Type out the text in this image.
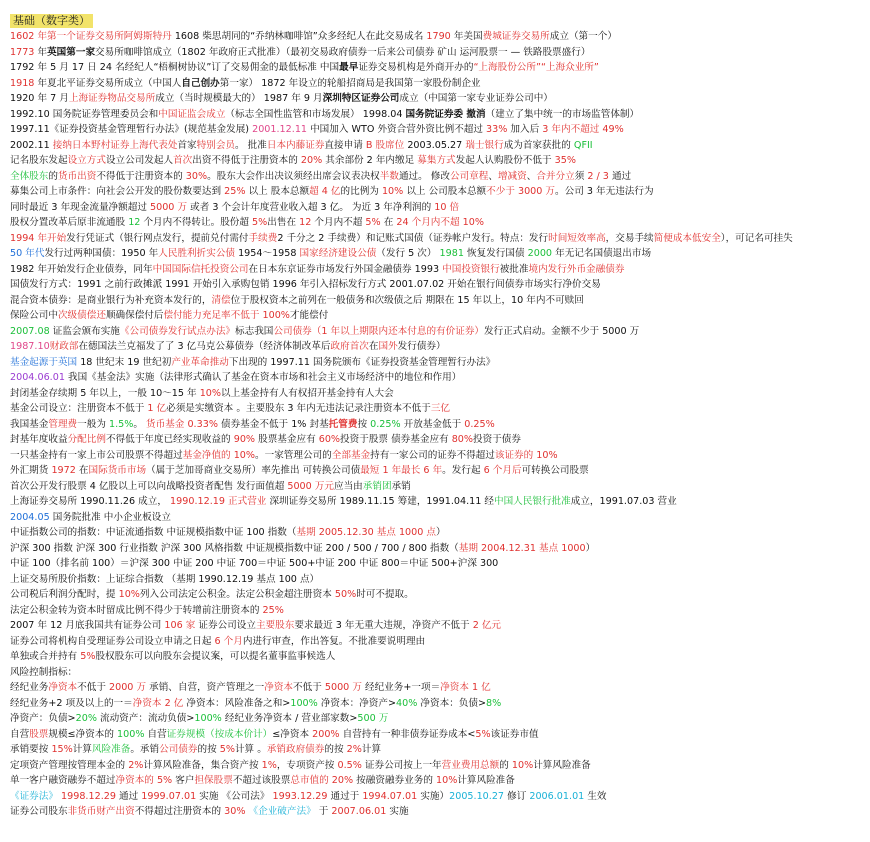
基础（数字类）
1602 年第一个证券交易所阿姆斯特丹 1608 柴思胡同的“乔纳林咖啡馆”众多经纪人在此交易成名 1790 年美国费城证券交易所成立（第一个）
1773 年英国第一家交易所咖啡馆成立（1802 年政府正式批准）（最初交易政府债券一后来公司债券 矿山 运河股票一 — 铁路股票盛行）
1792 年 5 月 17 日 24 名经纪人“梧桐树协议”订了交易佣金的最低标准 中国最早证券交易机构是外商开办的“上海股份公所”“上海众业所”
1918 年夏北平证券交易所成立（中国人自己创办第一家） 1872 年设立的轮船招商局是我国第一家股份制企业
1920 年 7 月上海证券物品交易所成立（当时规模最大的） 1987 年 9 月深圳特区证券公司成立（中国第一家专业证券公司中）
1992.10 国务院证券管理委员会和中国证监会成立（标志全国性监管和市场发展） 1998.04 国务院证券委 撤消（建立了集中统一的市场监管体制）
1997.11《证券投资基金管理暂行办法》(规范基金发展) 2001.12.11 中国加入 WTO 外资合营外资比例不超过 33% 加入后 3 年内不超过 49%
2002.11 接纳日本野村证券上海代表处首家特别会员。 批准日本内藤证券直接申请 B 股席位 2003.05.27 瑞士银行成为首家获批的 QFII
记名股东发起设立方式设立公司发起人首次出资不得低于注册资本的 20% 其余部份 2 年内缴足 募集方式发起人认购股份不低于 35%
全体股东的货币出资不得低于注册资本的 30%。股东大会作出决议须经出席会议表决权半数通过。 修改公司章程、增减资、合并分立须 2 / 3 通过
募集公司上市条件：向社会公开发的股份数要达到 25% 以上 股本总额超 4 亿的比例为 10% 以上 公司股本总额不少于 3000 万。公司 3 年无违法行为
同时最近 3 年现金流量净额超过 5000 万 或者 3 个会计年度营业收入超 3 亿。 为近 3 年净利润的 10 倍
股权分置改革后原非流通股 12 个月内不得转让。股份超 5%出售在 12 个月内不超 5% 在 24 个月内不超 10%
1994 年开始发行凭证式（银行网点发行，提前兑付需付手续费2 千分之 2 手续费）和记账式国债（证券帐户发行。特点：发行时间短效率高，交易手续简便成本低安全），可记名可挂失
50 年代发行过两种国债：1950 年人民胜利折实公债 1954～1958 国家经济建设公债（发行 5 次） 1981 恢复发行国债 2000 年无记名国债退出市场
1982 年开始发行企业债券，同年中国国际信托投资公司在日本东京证券市场发行外国金融债券 1993 中国投资银行被批准境内发行外币金融债券
国债发行方式：1991 之前行政摊派 1991 开始引入承购包销 1996 年引入招标发行方式 2001.07.02 开始在银行间债券市场实行净价交易
混合资本债券：是商业银行为补充资本发行的，清偿位于股权资本之前列在一般债务和次级债之后 期限在 15 年以上，10 年内不可赎回
保险公司中次级债偿还顺确保偿付后偿付能力充足率不低于 100%才能偿付
2007.08 证监会颁布实施《公司债券发行试点办法》标志我国公司债券（1 年以上期限内还本付息的有价证券）发行正式启动。金额不少于 5000 万
1987.10财政部在德国法兰克福发了了 3 亿马克公募债券（经济体制改革后政府首次在国外发行债券）
基金起源于英国 18 世纪末 19 世纪初产业革命推动下出现的 1997.11 国务院颁布《证券投资基金管理暂行办法》
2004.06.01 我国《基金法》实施（法律形式确认了基金在资本市场和社会主义市场经济中的地位和作用）
封闭基金存续期 5 年以上，一般 10～15 年 10%以上基金持有人有权招开基金持有人大会
基金公司设立：注册资本不低于 1 亿必须是实缴资本 。主要股东 3 年内无违法记录注册资本不低于三亿
我国基金管理费一般为 1.5%。 货币基金 0.33% 债券基金不低于 1% 封基托管费按 0.25% 开放基金低于 0.25%
封基年度收益分配比例不得低于年度已经实现收益的 90% 股票基金应有 60%投资于股票 债券基金应有 80%投资于债券
一只基金持有一家上市公司股票不得超过基金净值的 10%。一家管理公司的全部基金持有一家公司的证券不得超过该证券的 10%
外汇期货 1972 在国际货币市场（属于芝加哥商业交易所）率先推出 可转换公司债最短 1 年最长 6 年。发行起 6 个月后可转换公司股票
首次公开发行股票 4 亿股以上可以向战略投资者配售 发行面值超 5000 万元应当由承销团承销
上海证券交易所 1990.11.26 成立， 1990.12.19 正式营业 深圳证券交易所 1989.11.15 筹建，1991.04.11 经中国人民银行批准成立，1991.07.03 营业
2004.05 国务院批准 中小企业板设立
中证指数公司的指数：中证流通指数 中证规模指数中证 100 指数（基期 2005.12.30 基点 1000 点）
沪深 300 指数 沪深 300 行业指数 沪深 300 风格指数 中证规模指数中证 200 / 500 / 700 / 800 指数（基期 2004.12.31 基点 1000）
中证 100（排名前 100）＝沪深 300 中证 200 中证 700＝中证 500+中证 200 中证 800＝中证 500+沪深 300
上证交易所股价指数：上证综合指数 （基期 1990.12.19 基点 100 点）
公司税后利润分配时，提 10%列入公司法定公积金。法定公积金超注册资本 50%时可不提取。
法定公积金转为资本时留成比例不得少于转增前注册资本的 25%
2007 年 12 月底我国共有证券公司 106 家 证券公司设立主要股东要求最近 3 年无重大违规，净资产不低于 2 亿元
证券公司将机构自受理证券公司设立申请之日起 6 个月内进行审查，作出答复。不批准要说明理由
单独或合并持有 5%股权股东可以向股东会提议案，可以提名董事监事候选人
风险控制指标：
经纪业务净资本不低于 2000 万 承销、自营，资产管理之一净资本不低于 5000 万 经纪业务+一项＝净资本 1 亿
经纪业务+2 项及以上的一＝净资本 2 亿 净资本：风险准备之和>100% 净资本：净资产>40% 净资本：负债>8%
净资产：负债>20% 流动资产：流动负债>100% 经纪业务净资本 / 营业部家数>500 万
自营股票规模≤净资本的 100% 自营证券规模（按成本价计）≤净资本 200% 自营持有一种非债券证券成本<5%该证券市值
承销要按 15%计算风险准备。承销公司债券的按 5%计算 。承销政府债券的按 2%计算
定项资产管理按管理本金的 2%计算风险准备，集合资产按 1%，专项资产按 0.5% 证券公司按上一年营业费用总额的 10%计算风险准备
单一客户融资融券不超过净资本的 5% 客户担保股票不超过该股票总市值的 20% 按融资融券业务的 10%计算风险准备
《证券法》 1998.12.29 通过 1999.07.01 实施 《公司法》 1993.12.29 通过于 1994.07.01 实施）2005.10.27 修订 2006.01.01 生效
证券公司股东非货币财产出资不得超过注册资本的 30% 《企业破产法》 于 2007.06.01 实施
